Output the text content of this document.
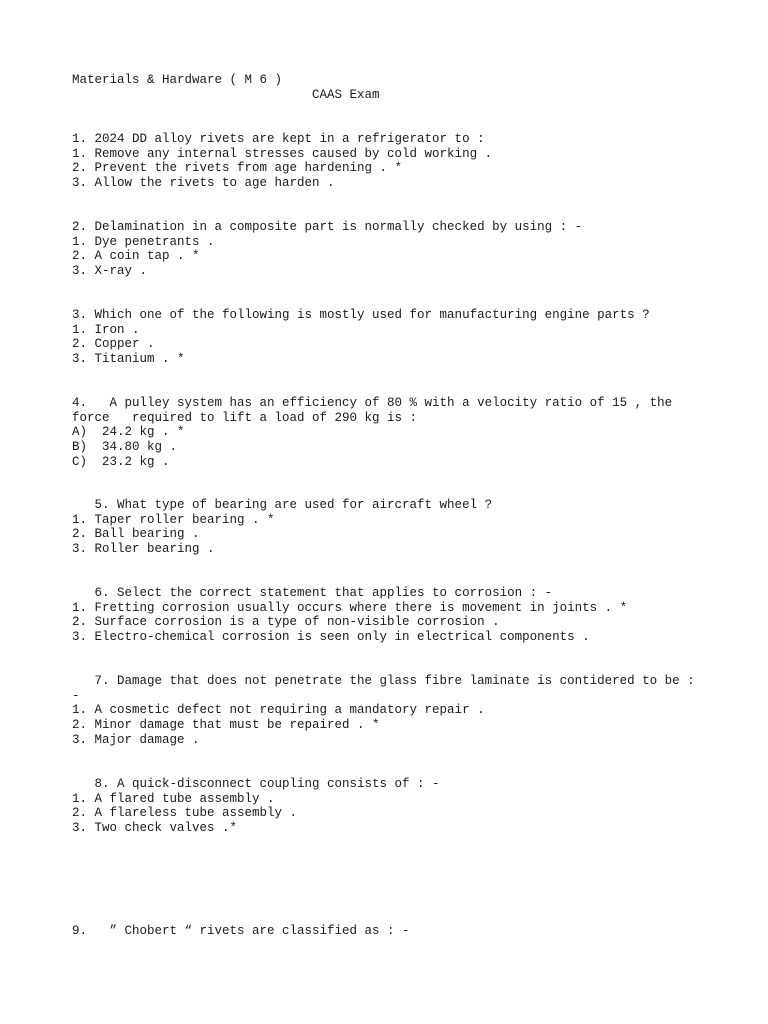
Materials & Hardware ( M 6 )
CAAS Exam
1. 2024 DD alloy rivets are kept in a refrigerator to :
1. Remove any internal stresses caused by cold working .
2. Prevent the rivets from age hardening . *
3. Allow the rivets to age harden .
2. Delamination in a composite part is normally checked by using : -
1. Dye penetrants .
2. A coin tap . *
3. X-ray .
3. Which one of the following is mostly used for manufacturing engine parts ?
1. Iron .
2. Copper .
3. Titanium . *
4.   A pulley system has an efficiency of 80 % with a velocity ratio of 15 , the
force   required to lift a load of 290 kg is :
A)  24.2 kg . *
B)  34.80 kg .
C)  23.2 kg .
5. What type of bearing are used for aircraft wheel ?
1. Taper roller bearing . *
2. Ball bearing .
3. Roller bearing .
6. Select the correct statement that applies to corrosion : -
1. Fretting corrosion usually occurs where there is movement in joints . *
2. Surface corrosion is a type of non-visible corrosion .
3. Electro-chemical corrosion is seen only in electrical components .
7. Damage that does not penetrate the glass fibre laminate is contidered to be :
-
1. A cosmetic defect not requiring a mandatory repair .
2. Minor damage that must be repaired . *
3. Major damage .
8. A quick-disconnect coupling consists of : -
1. A flared tube assembly .
2. A flareless tube assembly .
3. Two check valves .*
9.   ” Chobert “ rivets are classified as : -
